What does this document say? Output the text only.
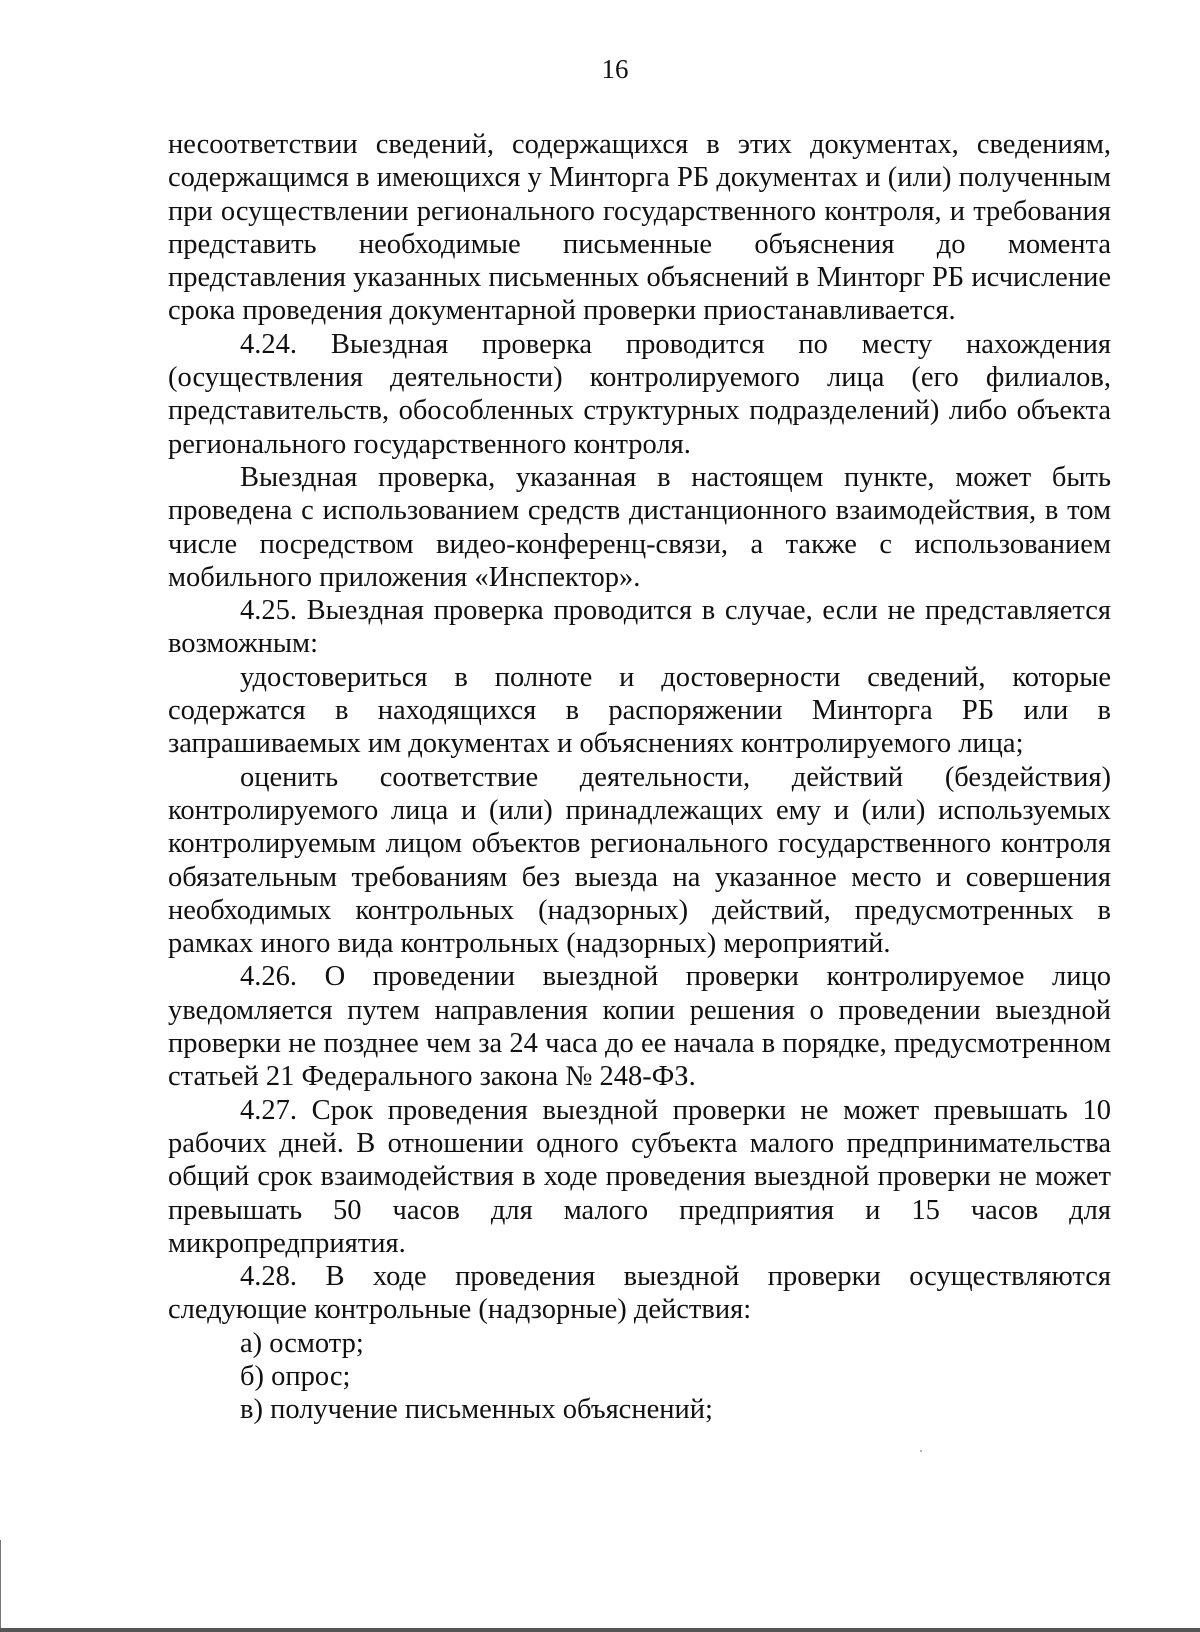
16

несоответствии сведений, содержащихся в этих документах, сведениям, содержащимся в имеющихся у Минторга РБ документах и (или) полученным при осуществлении регионального государственного контроля, и требования представить необходимые письменные объяснения до момента представления указанных письменных объяснений в Минторг РБ исчисление срока проведения документарной проверки приостанавливается.

4.24. Выездная проверка проводится по месту нахождения (осуществления деятельности) контролируемого лица (его филиалов, представительств, обособленных структурных подразделений) либо объекта регионального государственного контроля.

Выездная проверка, указанная в настоящем пункте, может быть проведена с использованием средств дистанционного взаимодействия, в том числе посредством видео-конференц-связи, а также с использованием мобильного приложения «Инспектор».

4.25. Выездная проверка проводится в случае, если не представляется возможным:

удостовериться в полноте и достоверности сведений, которые содержатся в находящихся в распоряжении Минторга РБ или в запрашиваемых им документах и объяснениях контролируемого лица;

оценить соответствие деятельности, действий (бездействия) контролируемого лица и (или) принадлежащих ему и (или) используемых контролируемым лицом объектов регионального государственного контроля обязательным требованиям без выезда на указанное место и совершения необходимых контрольных (надзорных) действий, предусмотренных в рамках иного вида контрольных (надзорных) мероприятий.

4.26. О проведении выездной проверки контролируемое лицо уведомляется путем направления копии решения о проведении выездной проверки не позднее чем за 24 часа до ее начала в порядке, предусмотренном статьей 21 Федерального закона № 248-ФЗ.

4.27. Срок проведения выездной проверки не может превышать 10 рабочих дней. В отношении одного субъекта малого предпринимательства общий срок взаимодействия в ходе проведения выездной проверки не может превышать 50 часов для малого предприятия и 15 часов для микропредприятия.

4.28. В ходе проведения выездной проверки осуществляются следующие контрольные (надзорные) действия:

а) осмотр;

б) опрос;

в) получение письменных объяснений;
